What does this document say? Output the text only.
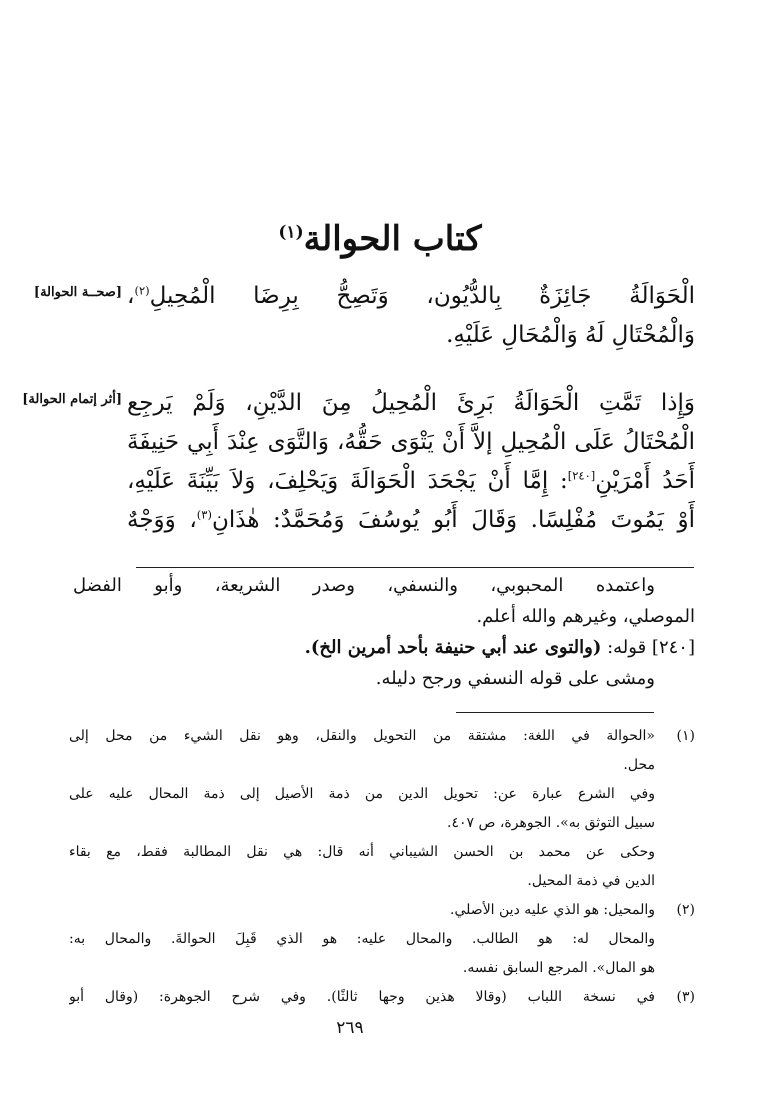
كتاب الحوالة$^{(١)}$
[صحــة الحوالة]
[أثر إتمام الحوالة]
الْحَوَالَةُ جَائِزَةٌ بِالدُّيُون، وَتَصِحُّ بِرِضَا الْمُحِيلِ$^{(٢)}$،
وَالْمُحْتَالِ لَهُ وَالْمُحَالِ عَلَيْهِ.
وَإِذا تَمَّتِ الْحَوَالَةُ بَرِئَ الْمُحِيلُ مِنَ الدَّيْنِ، وَلَمْ يَرجِع
الْمُحْتَالُ عَلَى الْمُحِيلِ إلاَّ أَنْ يَتْوَى حَقُّهُ، وَالتَّوَى عِنْدَ أَبِي حَنِيفَةَ
أَحَدُ أَمْرَيْنِ[٢٤٠]: إِمَّا أَنْ يَجْحَدَ الْحَوَالَةَ وَيَحْلِفَ، وَلاَ بَيِّنَةَ عَلَيْهِ،
أَوْ يَمُوتَ مُفْلِسًا. وَقَالَ أَبُو يُوسُفَ وَمُحَمَّدٌ: هٰذَانِ$^{(٣)}$، وَوَجْهٌ
واعتمده المحبوبي، والنسفي، وصدر الشريعة، وأبو الفضل
الموصلي، وغيرهم والله أعلم.
[٢٤٠] قوله: (والتوى عند أبي حنيفة بأحد أمرين الخ).
ومشى على قوله النسفي ورجح دليله.
(١)
«الحوالة في اللغة: مشتقة من التحويل والنقل، وهو نقل الشيء من محل إلى
محل.
وفي الشرع عبارة عن: تحويل الدين من ذمة الأصيل إلى ذمة المحال عليه على
سبيل التوثق به». الجوهرة، ص ٤٠٧.
وحكى عن محمد بن الحسن الشيباني أنه قال: هي نقل المطالبة فقط، مع بقاء
الدين في ذمة المحيل.
(٢)
والمحيل: هو الذي عليه دين الأصلي.
والمحال له: هو الطالب. والمحال عليه: هو الذي قَبِلَ الحوالةَ. والمحال به:
هو المال». المرجع السابق نفسه.
(٣)
في نسخة اللباب (وقالا هذين وجها ثالثًا). وفي شرح الجوهرة: (وقال أبو
٢٦٩
